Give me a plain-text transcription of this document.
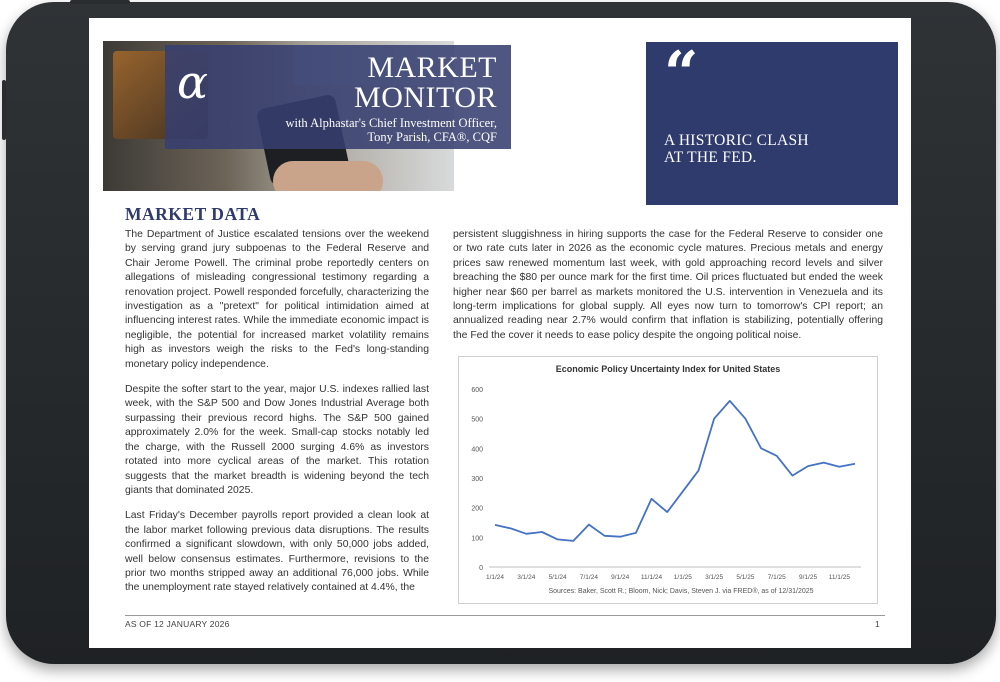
α	MARKET
MONITOR
with Alphastar's Chief Investment Officer,
Tony Parish, CFA®, CQF
“
A HISTORIC CLASH
AT THE FED.
-TONY PARISH
MARKET DATA

The Department of Justice escalated tensions over the weekend by serving grand jury subpoenas to the Federal Reserve and Chair Jerome Powell. The criminal probe reportedly centers on allegations of misleading congressional testimony regarding a renovation project. Powell responded forcefully, characterizing the investigation as a "pretext" for political intimidation aimed at influencing interest rates. While the immediate economic impact is negligible, the potential for increased market volatility remains high as investors weigh the risks to the Fed's long-standing monetary policy independence.

Despite the softer start to the year, major U.S. indexes rallied last week, with the S&P 500 and Dow Jones Industrial Average both surpassing their previous record highs. The S&P 500 gained approximately 2.0% for the week. Small-cap stocks notably led the charge, with the Russell 2000 surging 4.6% as investors rotated into more cyclical areas of the market. This rotation suggests that the market breadth is widening beyond the tech giants that dominated 2025.

Last Friday's December payrolls report provided a clean look at the labor market following previous data disruptions. The results confirmed a significant slowdown, with only 50,000 jobs added, well below consensus estimates. Furthermore, revisions to the prior two months stripped away an additional 76,000 jobs. While the unemployment rate stayed relatively contained at 4.4%, the

persistent sluggishness in hiring supports the case for the Federal Reserve to consider one or two rate cuts later in 2026 as the economic cycle matures. Precious metals and energy prices saw renewed momentum last week, with gold approaching record levels and silver breaching the $80 per ounce mark for the first time. Oil prices fluctuated but ended the week higher near $60 per barrel as markets monitored the U.S. intervention in Venezuela and its long-term implications for global supply. All eyes now turn to tomorrow's CPI report; an annualized reading near 2.7% would confirm that inflation is stabilizing, potentially offering the Fed the cover it needs to ease policy despite the ongoing political noise.

Economic Policy Uncertainty Index for United States
Sources: Baker, Scott R.; Bloom, Nick; Davis, Steven J. via FRED®, as of 12/31/2025
0
100
200
300
400
500
600
1/1/24 3/1/24 5/1/24 7/1/24 9/1/24 11/1/24 1/1/25 3/1/25 5/1/25 7/1/25 9/1/25 11/1/25
AS OF 12 JANUARY 2026	1
